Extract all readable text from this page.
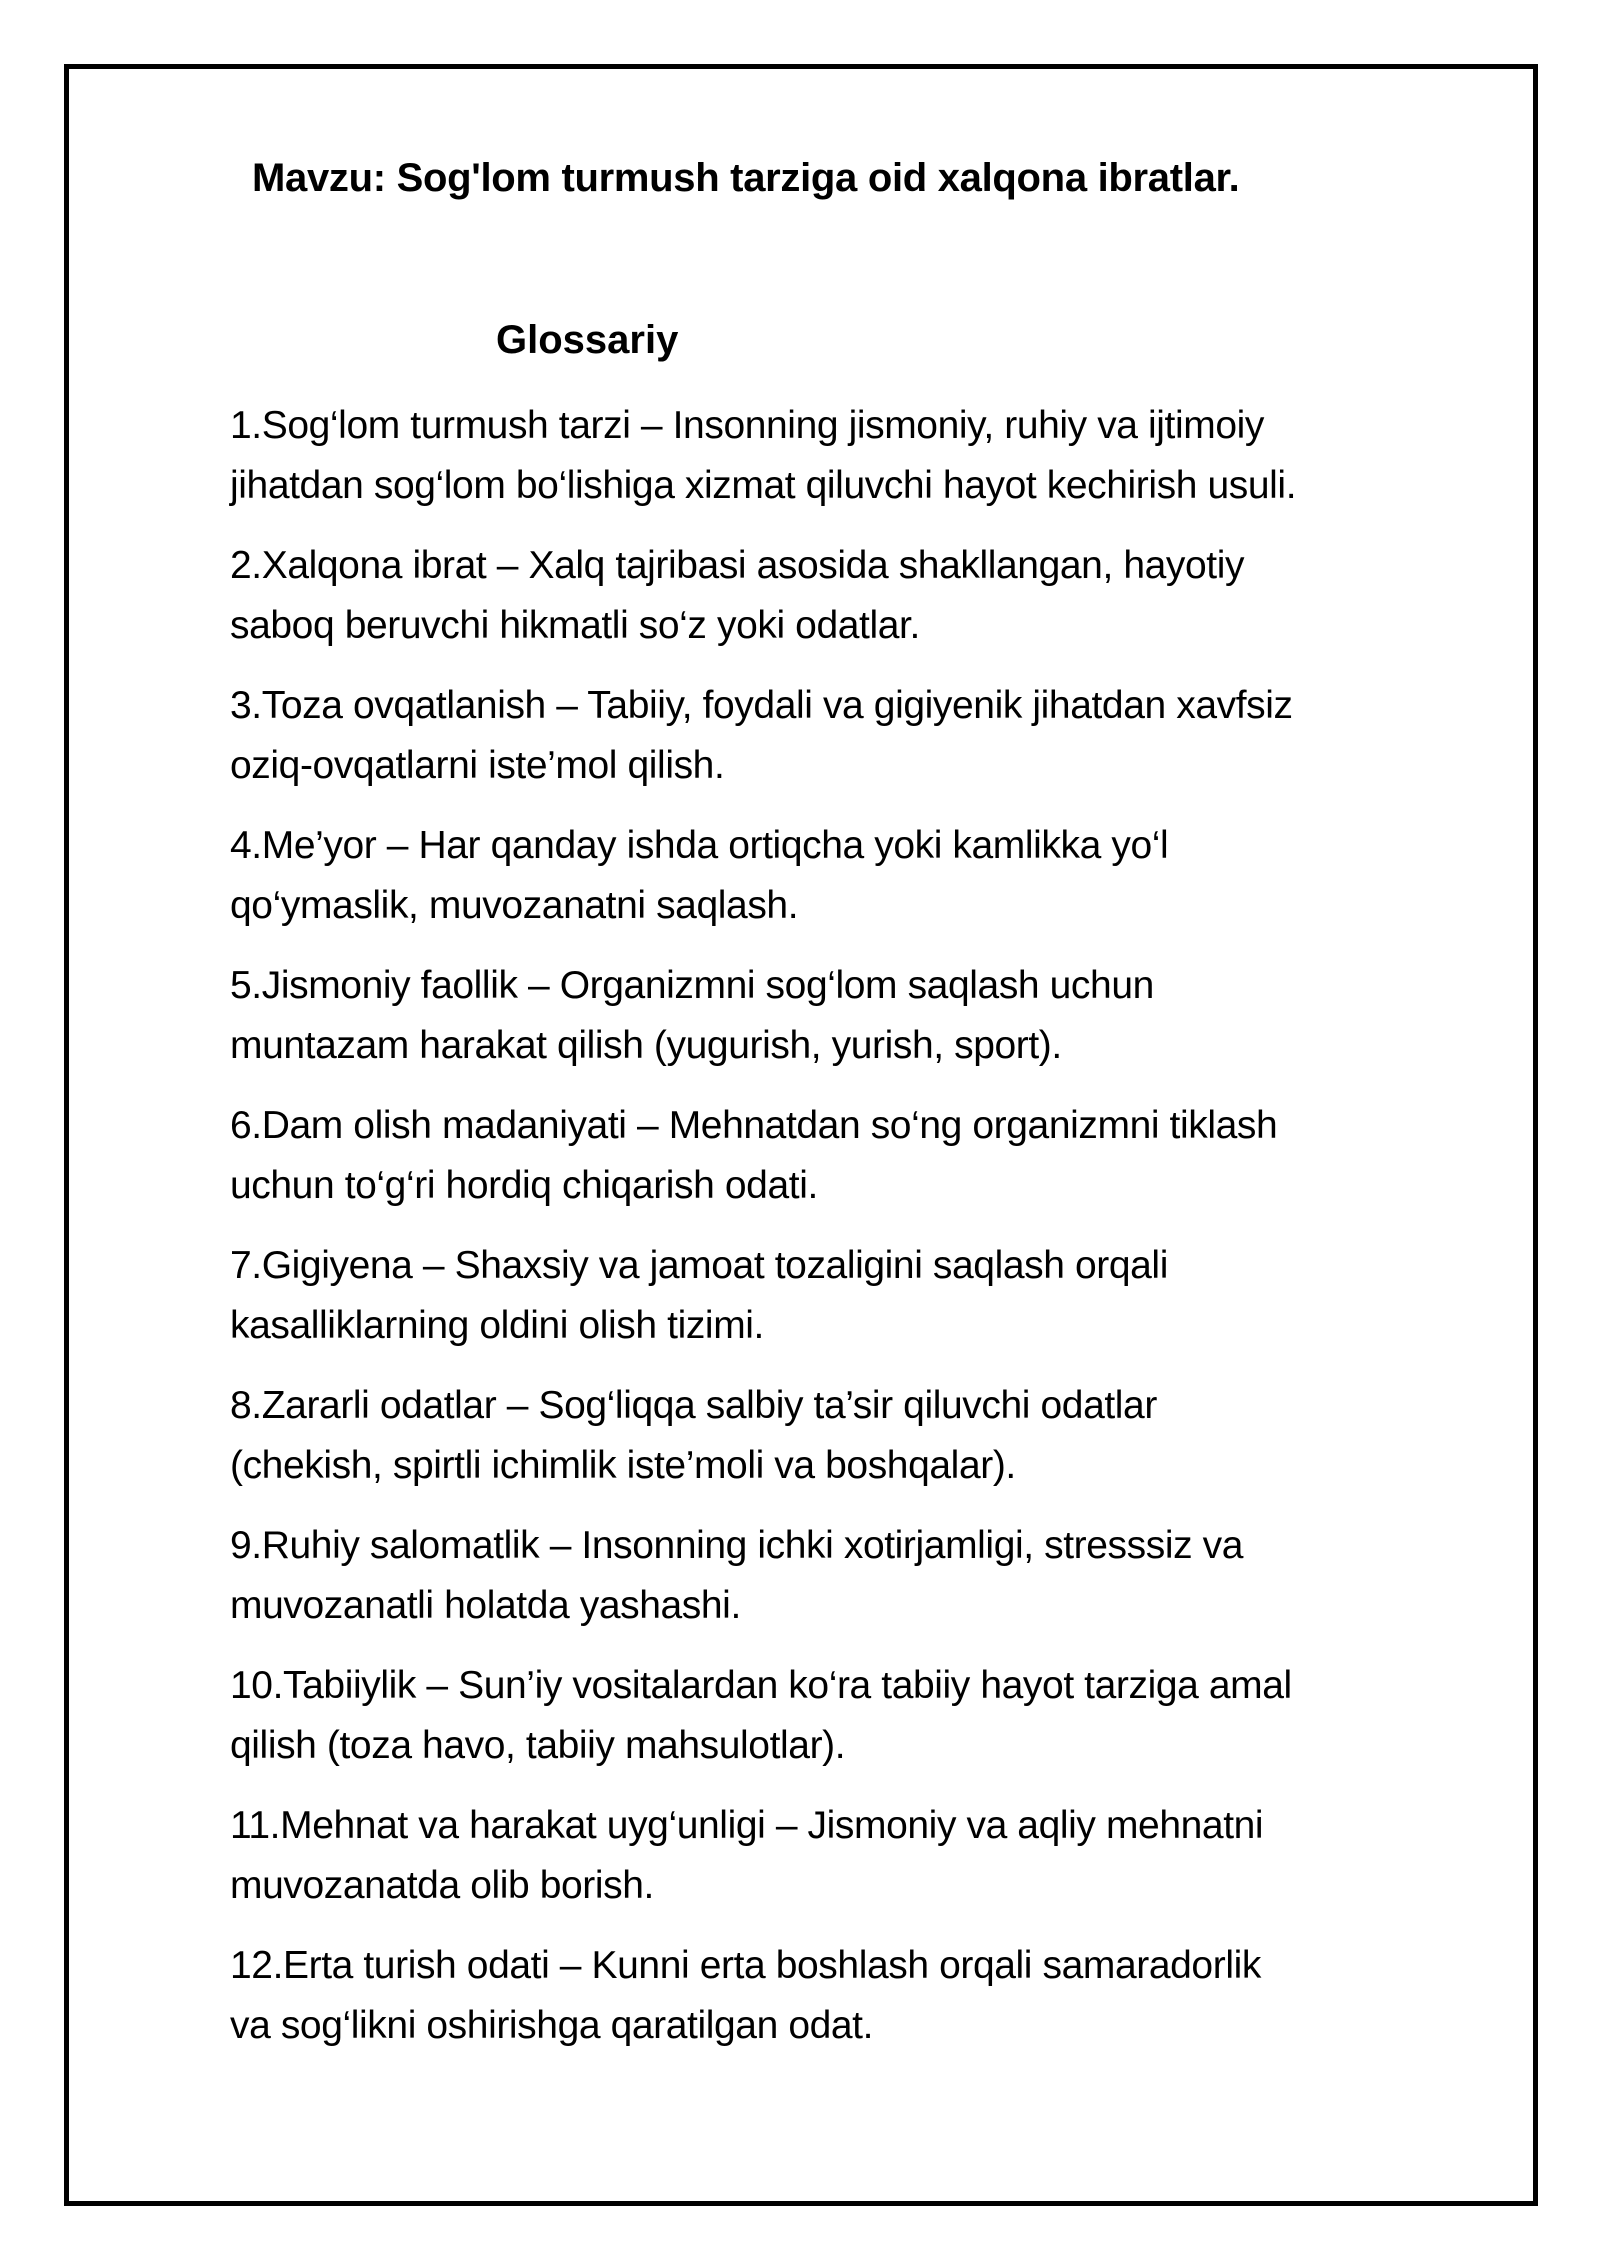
Mavzu: Sog'lom turmush tarziga oid xalqona ibratlar.
Glossariy
1.Sog‘lom turmush tarzi – Insonning jismoniy, ruhiy va ijtimoiy
jihatdan sog‘lom bo‘lishiga xizmat qiluvchi hayot kechirish usuli.
2.Xalqona ibrat – Xalq tajribasi asosida shakllangan, hayotiy
saboq beruvchi hikmatli so‘z yoki odatlar.
3.Toza ovqatlanish – Tabiiy, foydali va gigiyenik jihatdan xavfsiz
oziq-ovqatlarni iste’mol qilish.
4.Me’yor – Har qanday ishda ortiqcha yoki kamlikka yo‘l
qo‘ymaslik, muvozanatni saqlash.
5.Jismoniy faollik – Organizmni sog‘lom saqlash uchun
muntazam harakat qilish (yugurish, yurish, sport).
6.Dam olish madaniyati – Mehnatdan so‘ng organizmni tiklash
uchun to‘g‘ri hordiq chiqarish odati.
7.Gigiyena – Shaxsiy va jamoat tozaligini saqlash orqali
kasalliklarning oldini olish tizimi.
8.Zararli odatlar – Sog‘liqqa salbiy ta’sir qiluvchi odatlar
(chekish, spirtli ichimlik iste’moli va boshqalar).
9.Ruhiy salomatlik – Insonning ichki xotirjamligi, stresssiz va
muvozanatli holatda yashashi.
10.Tabiiylik – Sun’iy vositalardan ko‘ra tabiiy hayot tarziga amal
qilish (toza havo, tabiiy mahsulotlar).
11.Mehnat va harakat uyg‘unligi – Jismoniy va aqliy mehnatni
muvozanatda olib borish.
12.Erta turish odati – Kunni erta boshlash orqali samaradorlik
va sog‘likni oshirishga qaratilgan odat.
